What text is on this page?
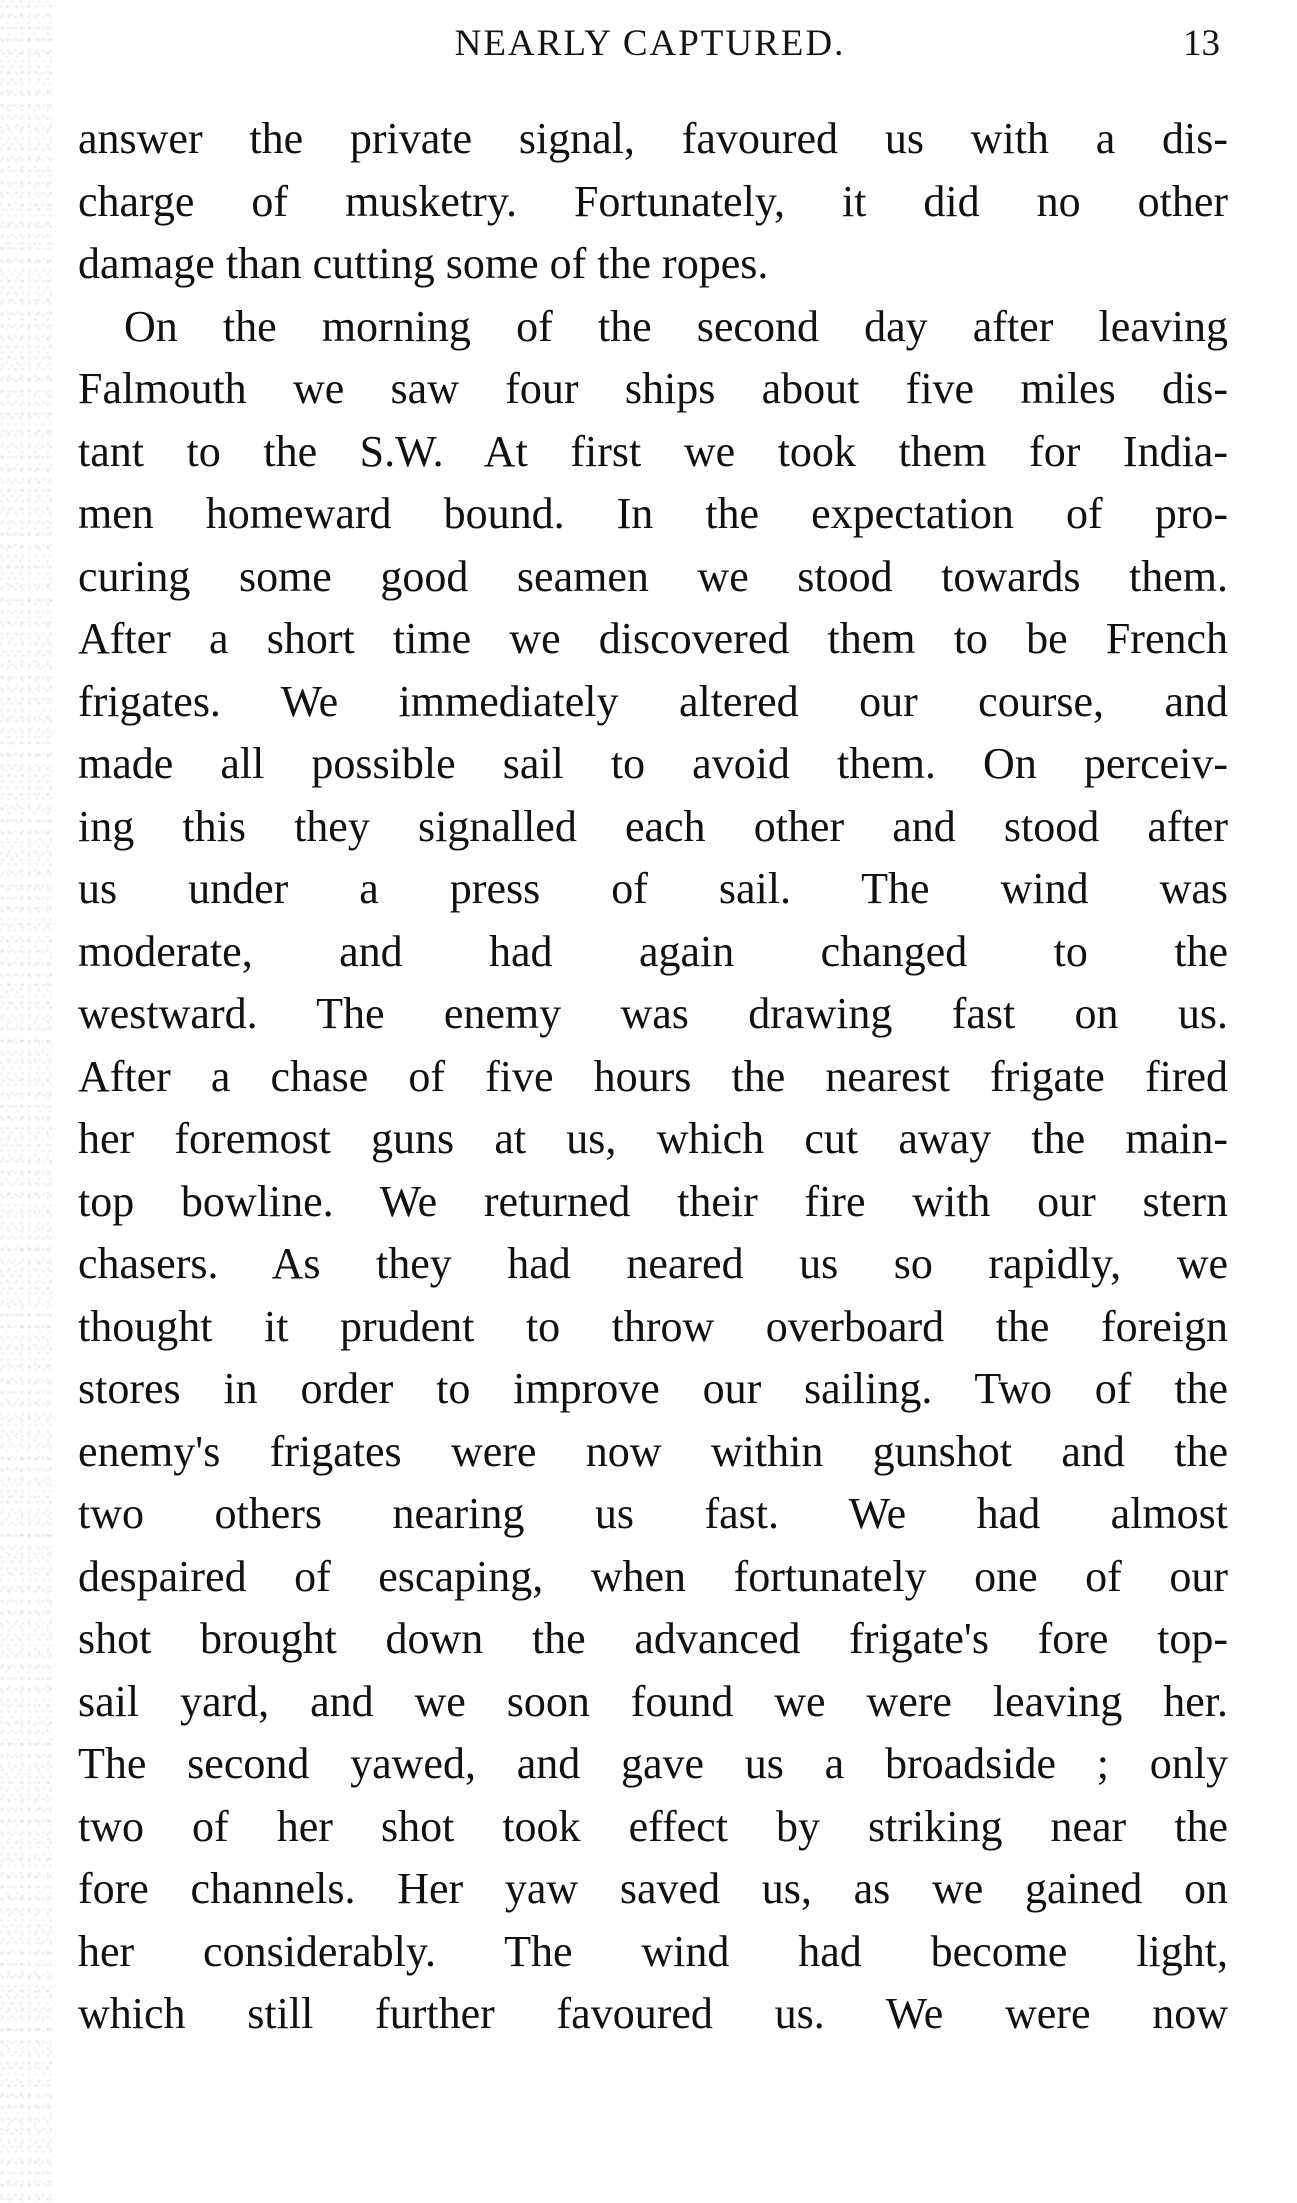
NEARLY CAPTURED.	13
answer the private signal, favoured us with a dis-
charge of musketry. Fortunately, it did no other
damage than cutting some of the ropes.
On the morning of the second day after leaving
Falmouth we saw four ships about five miles dis-
tant to the S.W. At first we took them for India-
men homeward bound. In the expectation of pro-
curing some good seamen we stood towards them.
After a short time we discovered them to be French
frigates. We immediately altered our course, and
made all possible sail to avoid them. On perceiv-
ing this they signalled each other and stood after
us under a press of sail. The wind was
moderate, and had again changed to the
westward. The enemy was drawing fast on us.
After a chase of five hours the nearest frigate fired
her foremost guns at us, which cut away the main-
top bowline. We returned their fire with our stern
chasers. As they had neared us so rapidly, we
thought it prudent to throw overboard the foreign
stores in order to improve our sailing. Two of the
enemy's frigates were now within gunshot and the
two others nearing us fast. We had almost
despaired of escaping, when fortunately one of our
shot brought down the advanced frigate's fore top-
sail yard, and we soon found we were leaving her.
The second yawed, and gave us a broadside ; only
two of her shot took effect by striking near the
fore channels. Her yaw saved us, as we gained on
her considerably. The wind had become light,
which still further favoured us. We were now
